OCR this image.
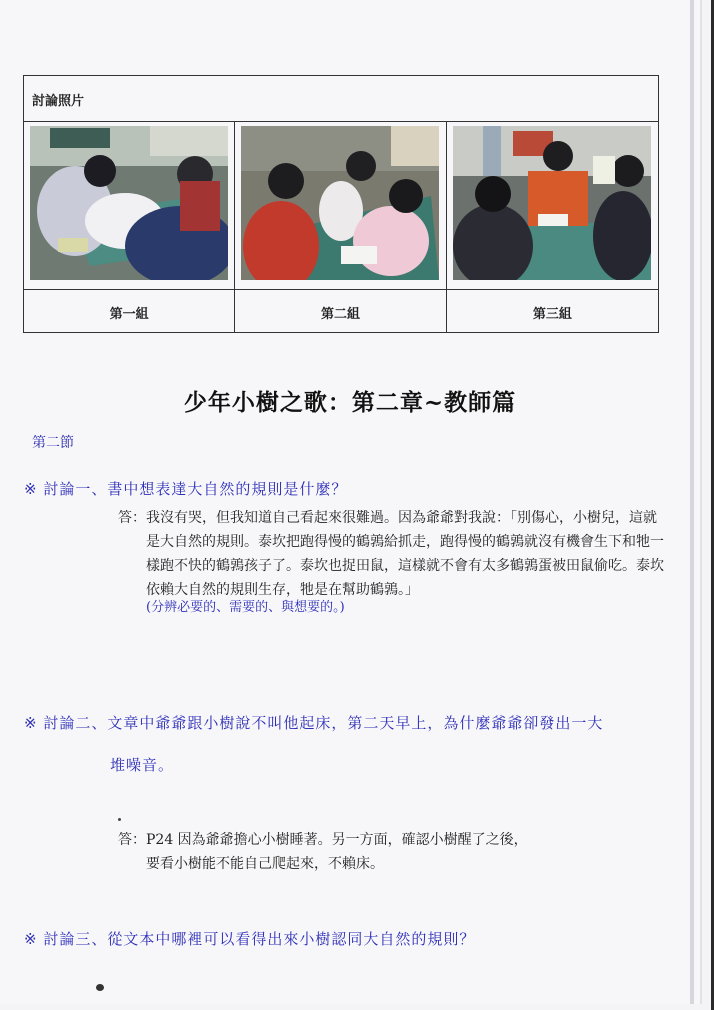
討論照片
第一組	第二組	第三組
少年小樹之歌：第二章~教師篇
第二節
※ 討論一、書中想表達大自然的規則是什麼？
答：我沒有哭，但我知道自己看起來很難過。因為爺爺對我說：「別傷心，小樹兒，這就
是大自然的規則。泰坎把跑得慢的鶴鶉給抓走，跑得慢的鶴鶉就沒有機會生下和牠一
樣跑不快的鶴鶉孩子了。泰坎也捉田鼠，這樣就不會有太多鶴鶉蛋被田鼠偷吃。泰坎
依賴大自然的規則生存，牠是在幫助鶴鶉。」
(分辨必要的、需要的、與想要的。)
※ 討論二、文章中爺爺跟小樹說不叫他起床，第二天早上，為什麼爺爺卻發出一大
堆噪音。
答：P24 因為爺爺擔心小樹睡著。另一方面，確認小樹醒了之後，
要看小樹能不能自己爬起來，不賴床。
※ 討論三、從文本中哪裡可以看得出來小樹認同大自然的規則？
